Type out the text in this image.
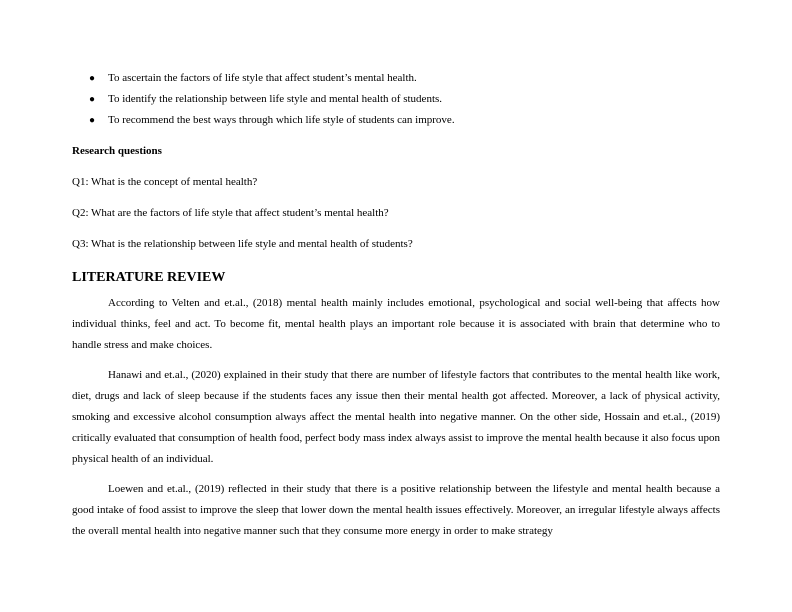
● To ascertain the factors of life style that affect student’s mental health.
● To identify the relationship between life style and mental health of students.
● To recommend the best ways through which life style of students can improve.

Research questions

Q1: What is the concept of mental health?

Q2: What are the factors of life style that affect student’s mental health?

Q3: What is the relationship between life style and mental health of students?

LITERATURE REVIEW

According to Velten and et.al., (2018) mental health mainly includes emotional, psychological and social well-being that affects how individual thinks, feel and act. To become fit, mental health plays an important role because it is associated with brain that determine who to handle stress and make choices.

Hanawi and et.al., (2020) explained in their study that there are number of lifestyle factors that contributes to the mental health like work, diet, drugs and lack of sleep because if the students faces any issue then their mental health got affected. Moreover, a lack of physical activity, smoking and excessive alcohol consumption always affect the mental health into negative manner. On the other side, Hossain and et.al., (2019) critically evaluated that consumption of health food, perfect body mass index always assist to improve the mental health because it also focus upon physical health of an individual.

Loewen and et.al., (2019) reflected in their study that there is a positive relationship between the lifestyle and mental health because a good intake of food assist to improve the sleep that lower down the mental health issues effectively. Moreover, an irregular lifestyle always affects the overall mental health into negative manner such that they consume more energy in order to make strategy
